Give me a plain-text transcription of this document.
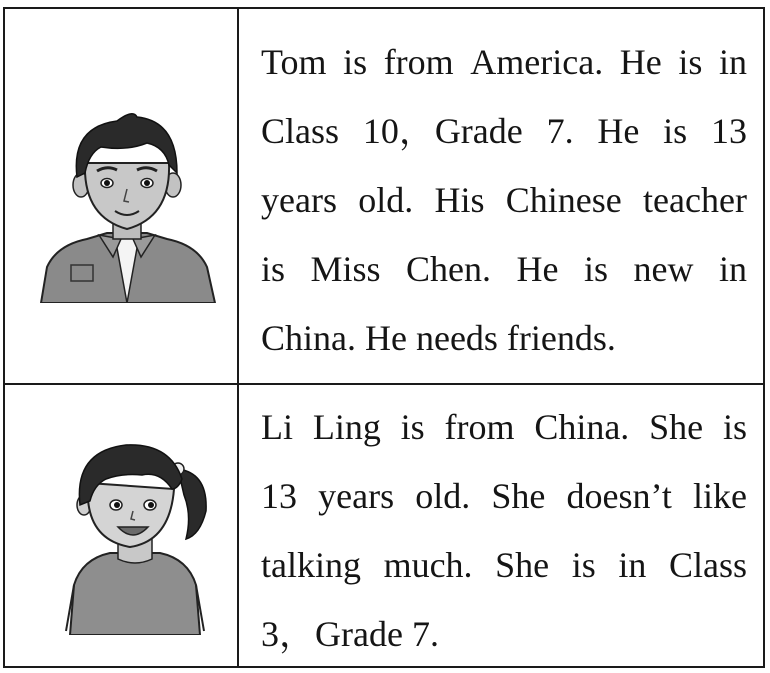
Tom is from America. He is in
Class 10，Grade 7. He is 13
years old. His Chinese teacher
is Miss Chen. He is new in
China. He needs friends.
Li Ling is from China. She is
13 years old. She doesn’t like
talking much. She is in Class
3，Grade 7.
